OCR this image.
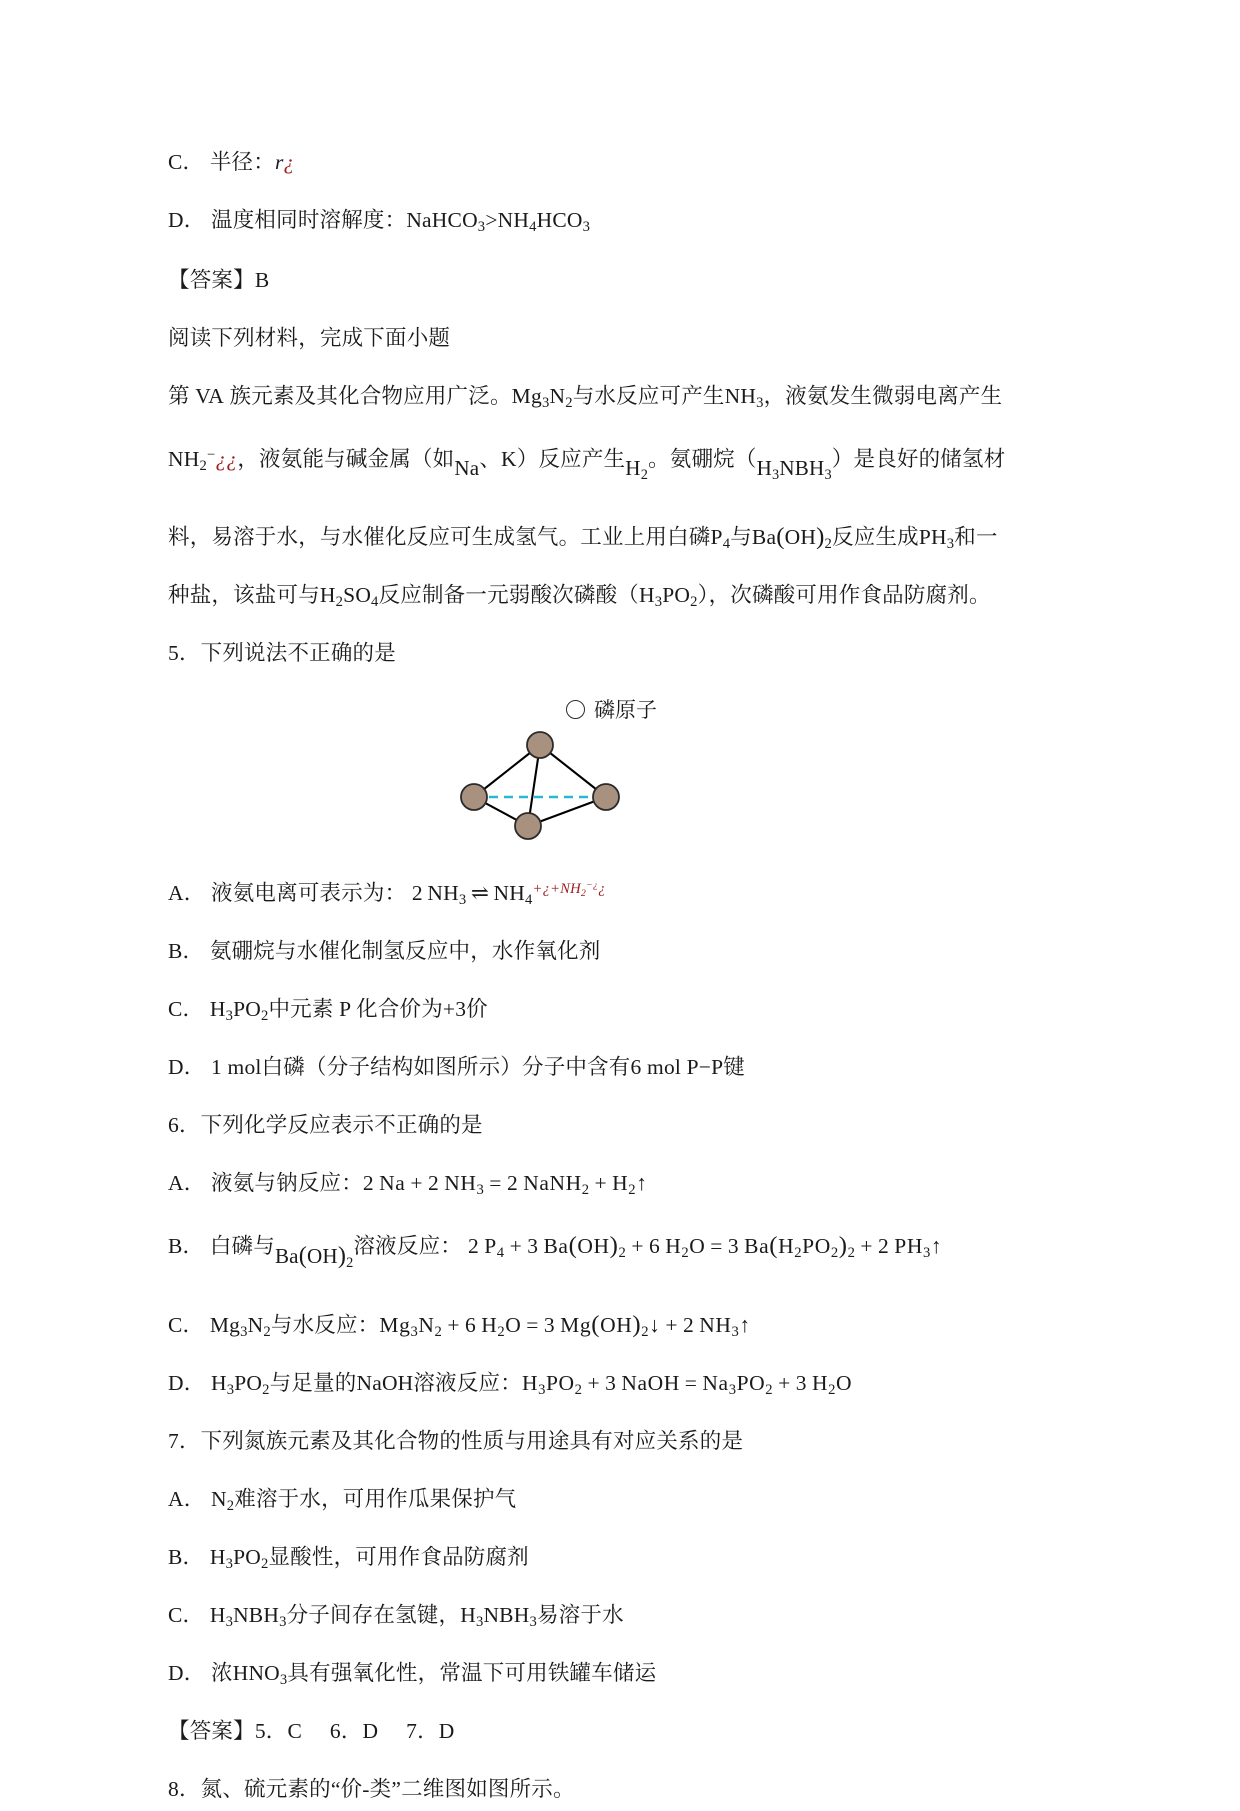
C． 半径：r¿
D． 温度相同时溶解度：$NaHCO_3>NH_4HCO_3$
【答案】B
阅读下列材料，完成下面小题
第 VA 族元素及其化合物应用广泛。$Mg_3N_2$与水反应可产生$NH_3$，液氨发生微弱电离产生
$NH_2^-¿¿$，液氨能与碱金属（如Na、K）反应产生$H_2$。氨硼烷$(H_3NBH_3)$是良好的储氢材
料，易溶于水，与水催化反应可生成氢气。工业上用白磷$P_4$与$Ba(OH)_2$反应生成$PH_3$和一
种盐，该盐可与$H_2SO_4$反应制备一元弱酸次磷酸$(H_3PO_2)$，次磷酸可用作食品防腐剂。
5．下列说法不正确的是
磷原子
A． 液氨电离可表示为： 2 $NH_3$ ⇌ $NH_4^{+¿+NH_2^{-¿}¿}$
B． 氨硼烷与水催化制氢反应中，水作氧化剂
C． $H_3PO_2$中元素 P 化合价为+3价
D． 1 mol白磷（分子结构如图所示）分子中含有6 mol P−P键
6．下列化学反应表示不正确的是
A． 液氨与钠反应：2 Na + 2 $NH_3 = 2$ NaNH$_2$ + $H_2↑$
B． 白磷与$Ba(OH)_2$溶液反应： 2 $P_4 + 3$ $Ba(OH)_2 + 6$ $H_2O = 3$ $Ba(H_2PO_2)_2 + 2$ $PH_3↑$
C． $Mg_3N_2$与水反应：$Mg_3N_2 + 6$ $H_2O = 3$ $Mg(OH)_2↓ + 2$ $NH_3↑$
D． $H_3PO_2$与足量的NaOH溶液反应：$H_3PO_2 + 3$ NaOH = $Na_3PO_2 + 3$ $H_2O$
7．下列氮族元素及其化合物的性质与用途具有对应关系的是
A． $N_2$难溶于水，可用作瓜果保护气
B． $H_3PO_2$显酸性，可用作食品防腐剂
C． $H_3NBH_3$分子间存在氢键，$H_3NBH_3$易溶于水
D． 浓$HNO_3$具有强氧化性，常温下可用铁罐车储运
【答案】5．C 6．D 7．D
8．氮、硫元素的“价-类”二维图如图所示。
